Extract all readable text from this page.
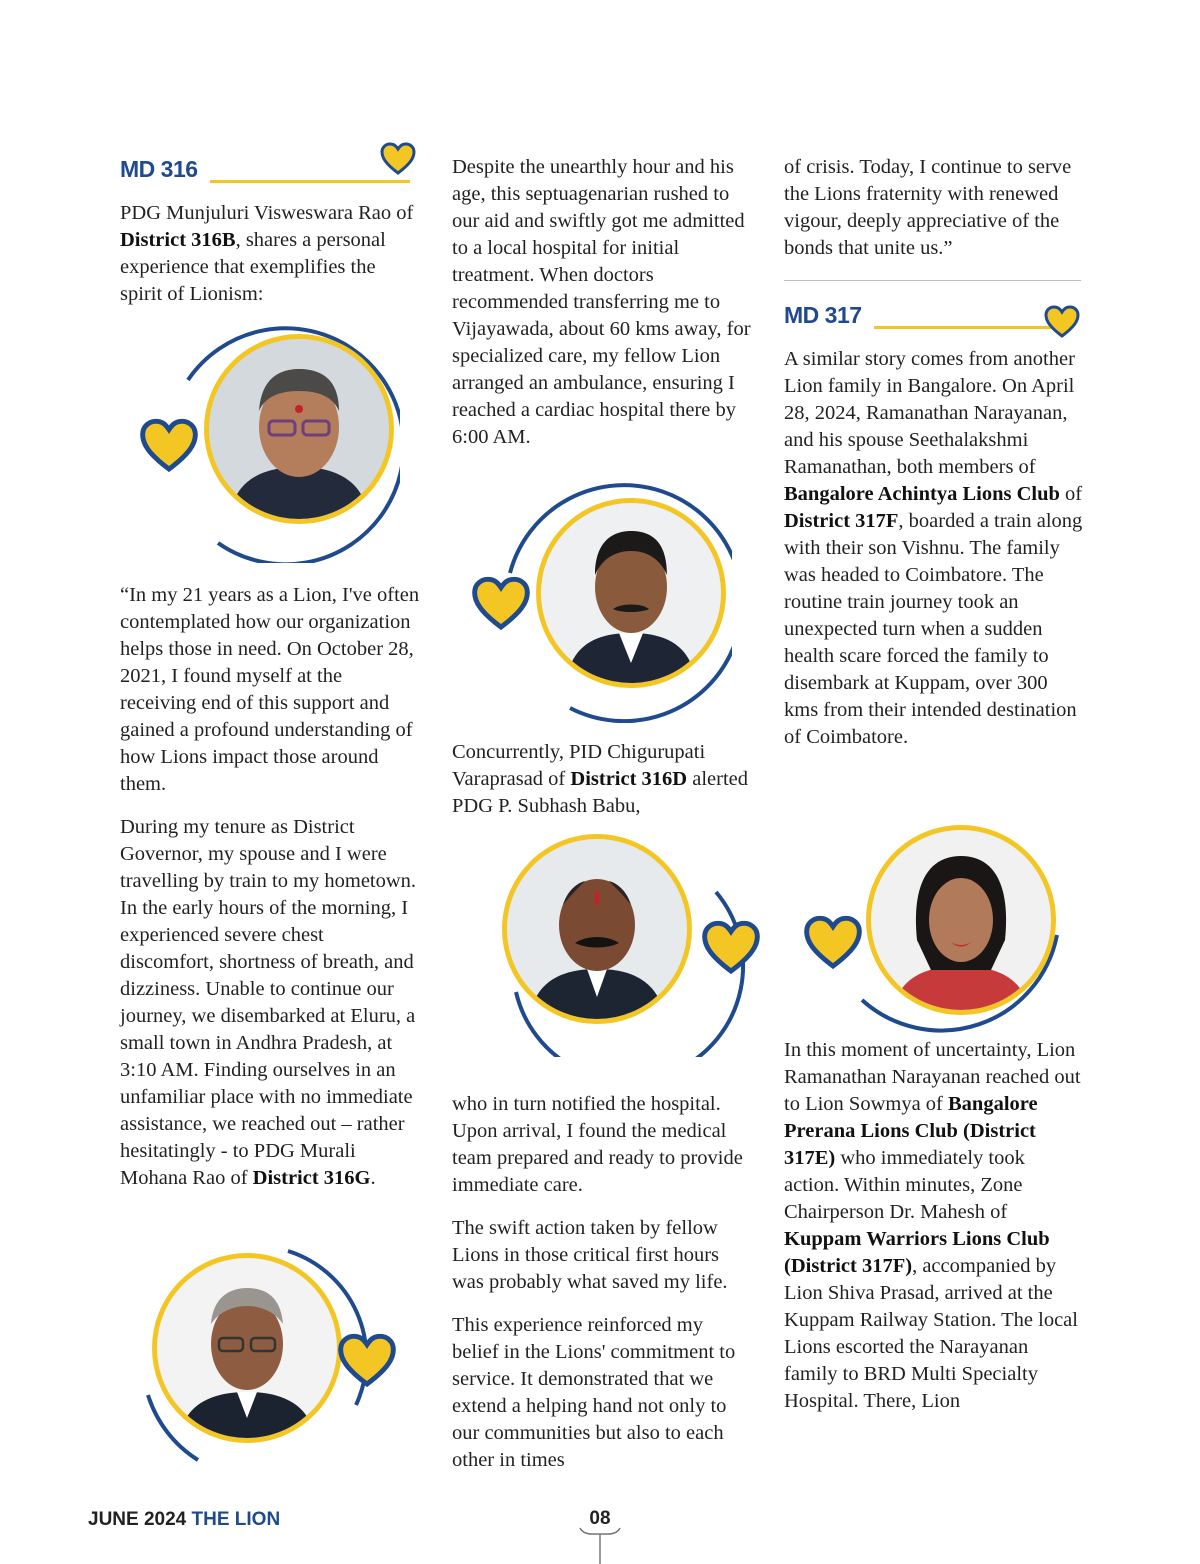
MD 316

PDG Munjuluri Visweswara Rao of District 316B, shares a personal experience that exemplifies the spirit of Lionism:

“In my 21 years as a Lion, I've often contemplated how our organization helps those in need. On October 28, 2021, I found myself at the receiving end of this support and gained a profound understanding of how Lions impact those around them.

During my tenure as District Governor, my spouse and I were travelling by train to my hometown. In the early hours of the morning, I experienced severe chest discomfort, shortness of breath, and dizziness. Unable to continue our journey, we disembarked at Eluru, a small town in Andhra Pradesh, at 3:10 AM. Finding ourselves in an unfamiliar place with no immediate assistance, we reached out – rather hesitatingly - to PDG Murali Mohana Rao of District 316G.

Despite the unearthly hour and his age, this septuagenarian rushed to our aid and swiftly got me admitted to a local hospital for initial treatment. When doctors recommended transferring me to Vijayawada, about 60 kms away, for specialized care, my fellow Lion arranged an ambulance, ensuring I reached a cardiac hospital there by 6:00 AM.

Concurrently, PID Chigurupati Varaprasad of District 316D alerted PDG P. Subhash Babu,

who in turn notified the hospital. Upon arrival, I found the medical team prepared and ready to provide immediate care.

The swift action taken by fellow Lions in those critical first hours was probably what saved my life.

This experience reinforced my belief in the Lions' commitment to service. It demonstrated that we extend a helping hand not only to our communities but also to each other in times

of crisis. Today, I continue to serve the Lions fraternity with renewed vigour, deeply appreciative of the bonds that unite us.”

MD 317

A similar story comes from another Lion family in Bangalore. On April 28, 2024, Ramanathan Narayanan, and his spouse Seethalakshmi Ramanathan, both members of Bangalore Achintya Lions Club of District 317F, boarded a train along with their son Vishnu. The family was headed to Coimbatore. The routine train journey took an unexpected turn when a sudden health scare forced the family to disembark at Kuppam, over 300 kms from their intended destination of Coimbatore.

In this moment of uncertainty, Lion Ramanathan Narayanan reached out to Lion Sowmya of Bangalore Prerana Lions Club (District 317E) who immediately took action. Within minutes, Zone Chairperson Dr. Mahesh of Kuppam Warriors Lions Club (District 317F), accompanied by Lion Shiva Prasad, arrived at the Kuppam Railway Station. The local Lions escorted the Narayanan family to BRD Multi Specialty Hospital. There, Lion

JUNE 2024 THE LION	08
